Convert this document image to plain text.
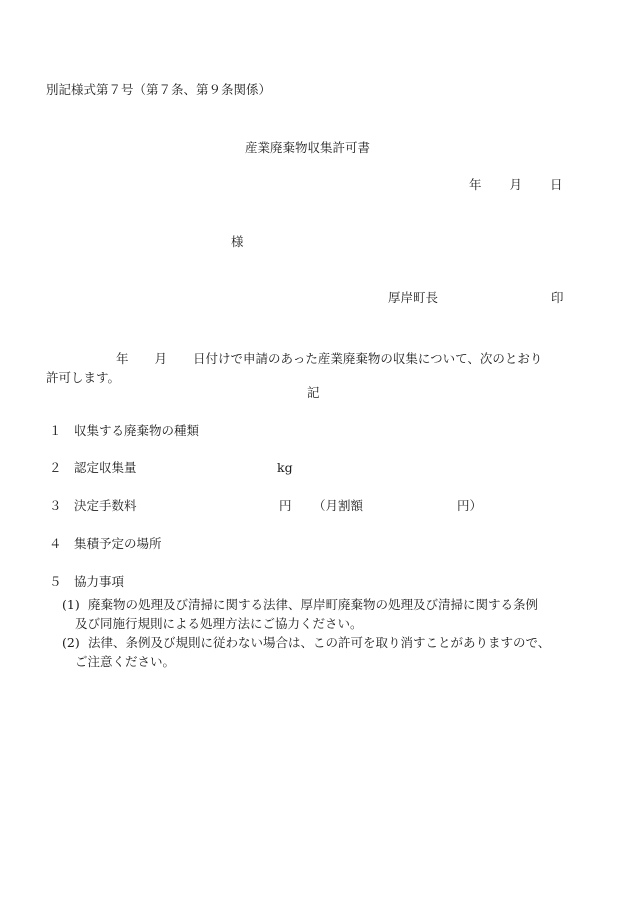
別記様式第７号（第７条、第９条関係）
産業廃棄物収集許可書
年 月 日
様
厚岸町長	印
年 月 日付けで申請のあった産業廃棄物の収集について、次のとおり
許可します。
記
１ 収集する廃棄物の種類
２ 認定収集量	kg
３ 決定手数料	円 （月割額	円）
４ 集積予定の場所
５ 協力事項
(1) 廃棄物の処理及び清掃に関する法律、厚岸町廃棄物の処理及び清掃に関する条例
及び同施行規則による処理方法にご協力ください。
(2) 法律、条例及び規則に従わない場合は、この許可を取り消すことがありますので、
ご注意ください。
